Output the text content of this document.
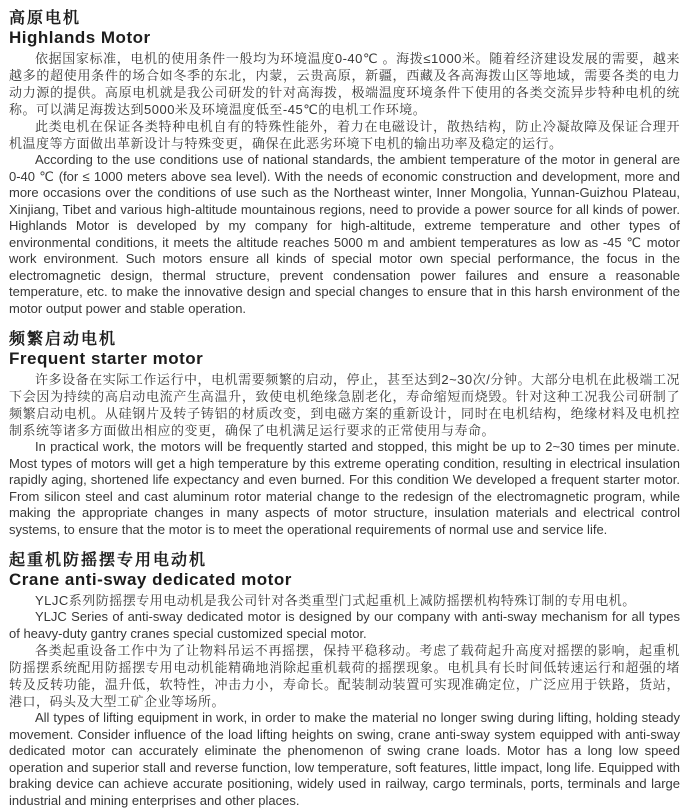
高原电机
Highlands Motor

依据国家标准，电机的使用条件一般均为环境温度0-40℃ 。海拨≤1000米。随着经济建设发展的需要，越来越多的超使用条件的场合如冬季的东北，内蒙，云贵高原，新疆，西藏及各高海拨山区等地域，需要各类的电力动力源的提供。高原电机就是我公司研发的针对高海拨，极端温度环境条件下使用的各类交流异步特种电机的统称。可以满足海拨达到5000米及环境温度低至-45℃的电机工作环境。

此类电机在保证各类特种电机自有的特殊性能外，着力在电磁设计，散热结构，防止冷凝故障及保证合理开机温度等方面做出革新设计与特殊变更，确保在此恶劣环境下电机的输出功率及稳定的运行。

According to the use conditions use of national standards, the ambient temperature of the motor in general are 0-40 ℃ (for ≤ 1000 meters above sea level). With the needs of economic construction and development, more and more occasions over the conditions of use such as the Northeast winter, Inner Mongolia, Yunnan-Guizhou Plateau, Xinjiang, Tibet and various high-altitude mountainous regions, need to provide a power source for all kinds of power. Highlands Motor is developed by my company for high-altitude, extreme temperature and other types of environmental conditions, it meets the altitude reaches 5000 m and ambient temperatures as low as -45 ℃ motor work environment. Such motors ensure all kinds of special motor own special performance, the focus in the electromagnetic design, thermal structure, prevent condensation power failures and ensure a reasonable temperature, etc. to make the innovative design and special changes to ensure that in this harsh environment of the motor output power and stable operation.

频繁启动电机
Frequent starter motor

许多设备在实际工作运行中，电机需要频繁的启动，停止，甚至达到2~30次/分钟。大部分电机在此极端工况下会因为持续的高启动电流产生高温升，致使电机绝缘急剧老化，寿命缩短而烧毁。针对这种工况我公司研制了频繁启动电机。从硅钢片及转子铸铝的材质改变，到电磁方案的重新设计，同时在电机结构，绝缘材料及电机控制系统等诸多方面做出相应的变更，确保了电机满足运行要求的正常使用与寿命。

In practical work, the motors will be frequently started and stopped, this might be up to 2~30 times per minute. Most types of motors will get a high temperature by this extreme operating condition, resulting in electrical insulation rapidly aging, shortened life expectancy and even burned. For this condition We developed a frequent starter motor. From silicon steel and cast aluminum rotor material change to the redesign of the electromagnetic program, while making the appropriate changes in many aspects of motor structure, insulation materials and electrical control systems, to ensure that the motor is to meet the operational requirements of normal use and service life.

起重机防摇摆专用电动机
Crane anti-sway dedicated motor

YLJC系列防摇摆专用电动机是我公司针对各类重型门式起重机上减防摇摆机构特殊订制的专用电机。

YLJC Series of anti-sway dedicated motor is designed by our company with anti-sway mechanism for all types of heavy-duty gantry cranes special customized special motor.

各类起重设备工作中为了让物料吊运不再摇摆，保持平稳移动。考虑了载荷起升高度对摇摆的影响，起重机防摇摆系统配用防摇摆专用电动机能精确地消除起重机载荷的摇摆现象。电机具有长时间低转速运行和超强的堵转及反转功能，温升低，软特性，冲击力小，寿命长。配装制动装置可实现准确定位，广泛应用于铁路，货站，港口，码头及大型工矿企业等场所。

All types of lifting equipment in work, in order to make the material no longer swing during lifting, holding steady movement. Consider influence of the load lifting heights on swing, crane anti-sway system equipped with anti-sway dedicated motor can accurately eliminate the phenomenon of swing crane loads. Motor has a long low speed operation and superior stall and reverse function, low temperature, soft features, little impact, long life. Equipped with braking device can achieve accurate positioning, widely used in railway, cargo terminals, ports, terminals and large industrial and mining enterprises and other places.
